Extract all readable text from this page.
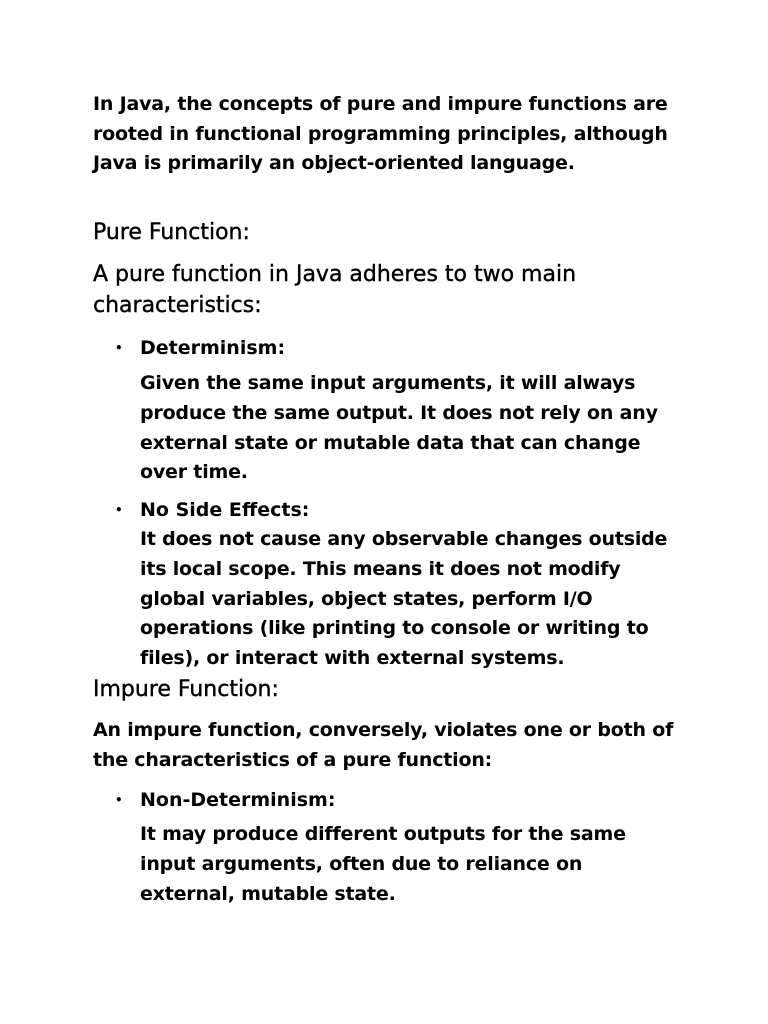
In Java, the concepts of pure and impure functions are rooted in functional programming principles, although Java is primarily an object-oriented language.

Pure Function:

A pure function in Java adheres to two main characteristics:

• Determinism:

Given the same input arguments, it will always produce the same output. It does not rely on any external state or mutable data that can change over time.

• No Side Effects:

It does not cause any observable changes outside its local scope. This means it does not modify global variables, object states, perform I/O operations (like printing to console or writing to files), or interact with external systems.

Impure Function:

An impure function, conversely, violates one or both of the characteristics of a pure function:

• Non-Determinism:

It may produce different outputs for the same input arguments, often due to reliance on external, mutable state.
